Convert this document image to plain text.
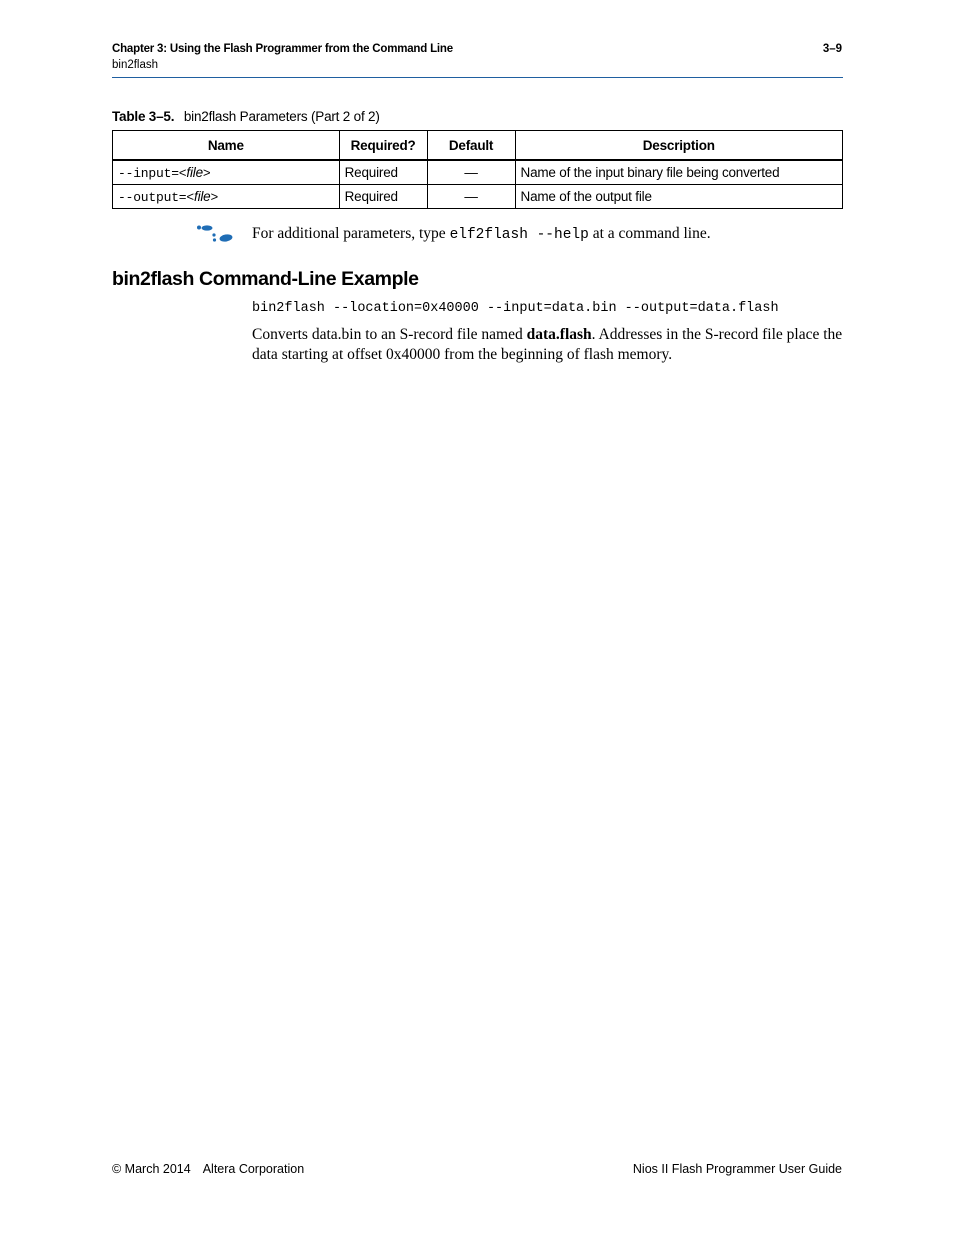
Chapter 3: Using the Flash Programmer from the Command Line	3–9
bin2flash
Table 3–5. bin2flash Parameters (Part 2 of 2)
Name	Required?	Default	Description
--input=<file>	Required	—	Name of the input binary file being converted
--output=<file>	Required	—	Name of the output file
For additional parameters, type elf2flash --help at a command line.
bin2flash Command-Line Example
bin2flash --location=0x40000 --input=data.bin --output=data.flash
Converts data.bin to an S-record file named data.flash. Addresses in the S-record file place the data starting at offset 0x40000 from the beginning of flash memory.
© March 2014 Altera Corporation	Nios II Flash Programmer User Guide
